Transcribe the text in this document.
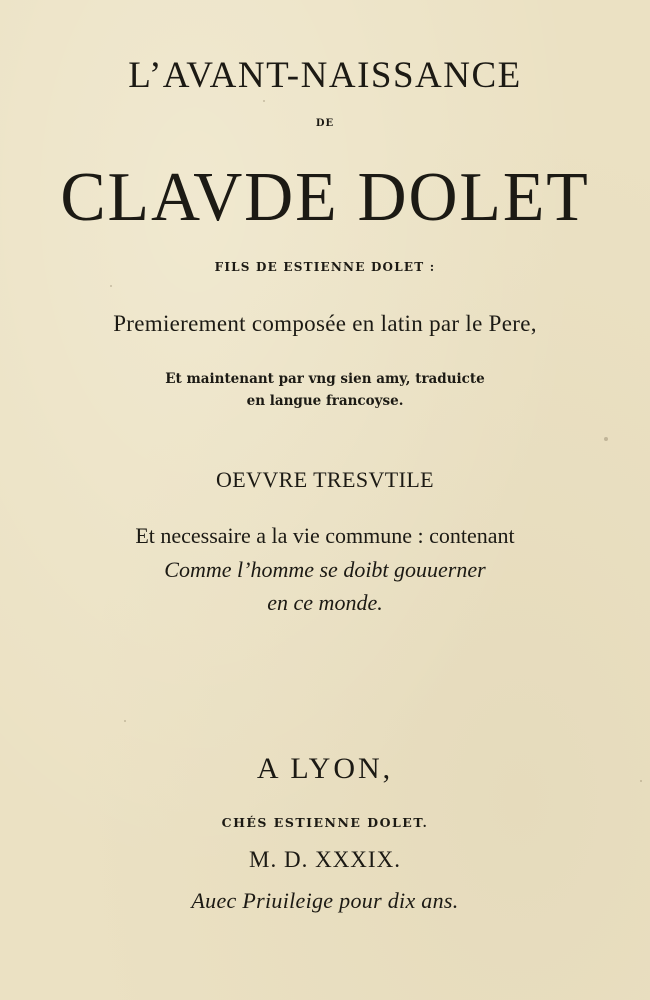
L’AVANT-NAISSANCE
DE
CLAVDE DOLET
FILS DE ESTIENNE DOLET :
Premierement composée en latin par le Pere,
Et maintenant par vng sien amy, traduicte
en langue francoyse.
OEVVRE TRESVTILE
Et necessaire a la vie commune : contenant
Comme l’homme se doibt gouuerner
en ce monde.
A LYON,
CHÉS ESTIENNE DOLET.
M. D. XXXIX.
Auec Priuileige pour dix ans.
